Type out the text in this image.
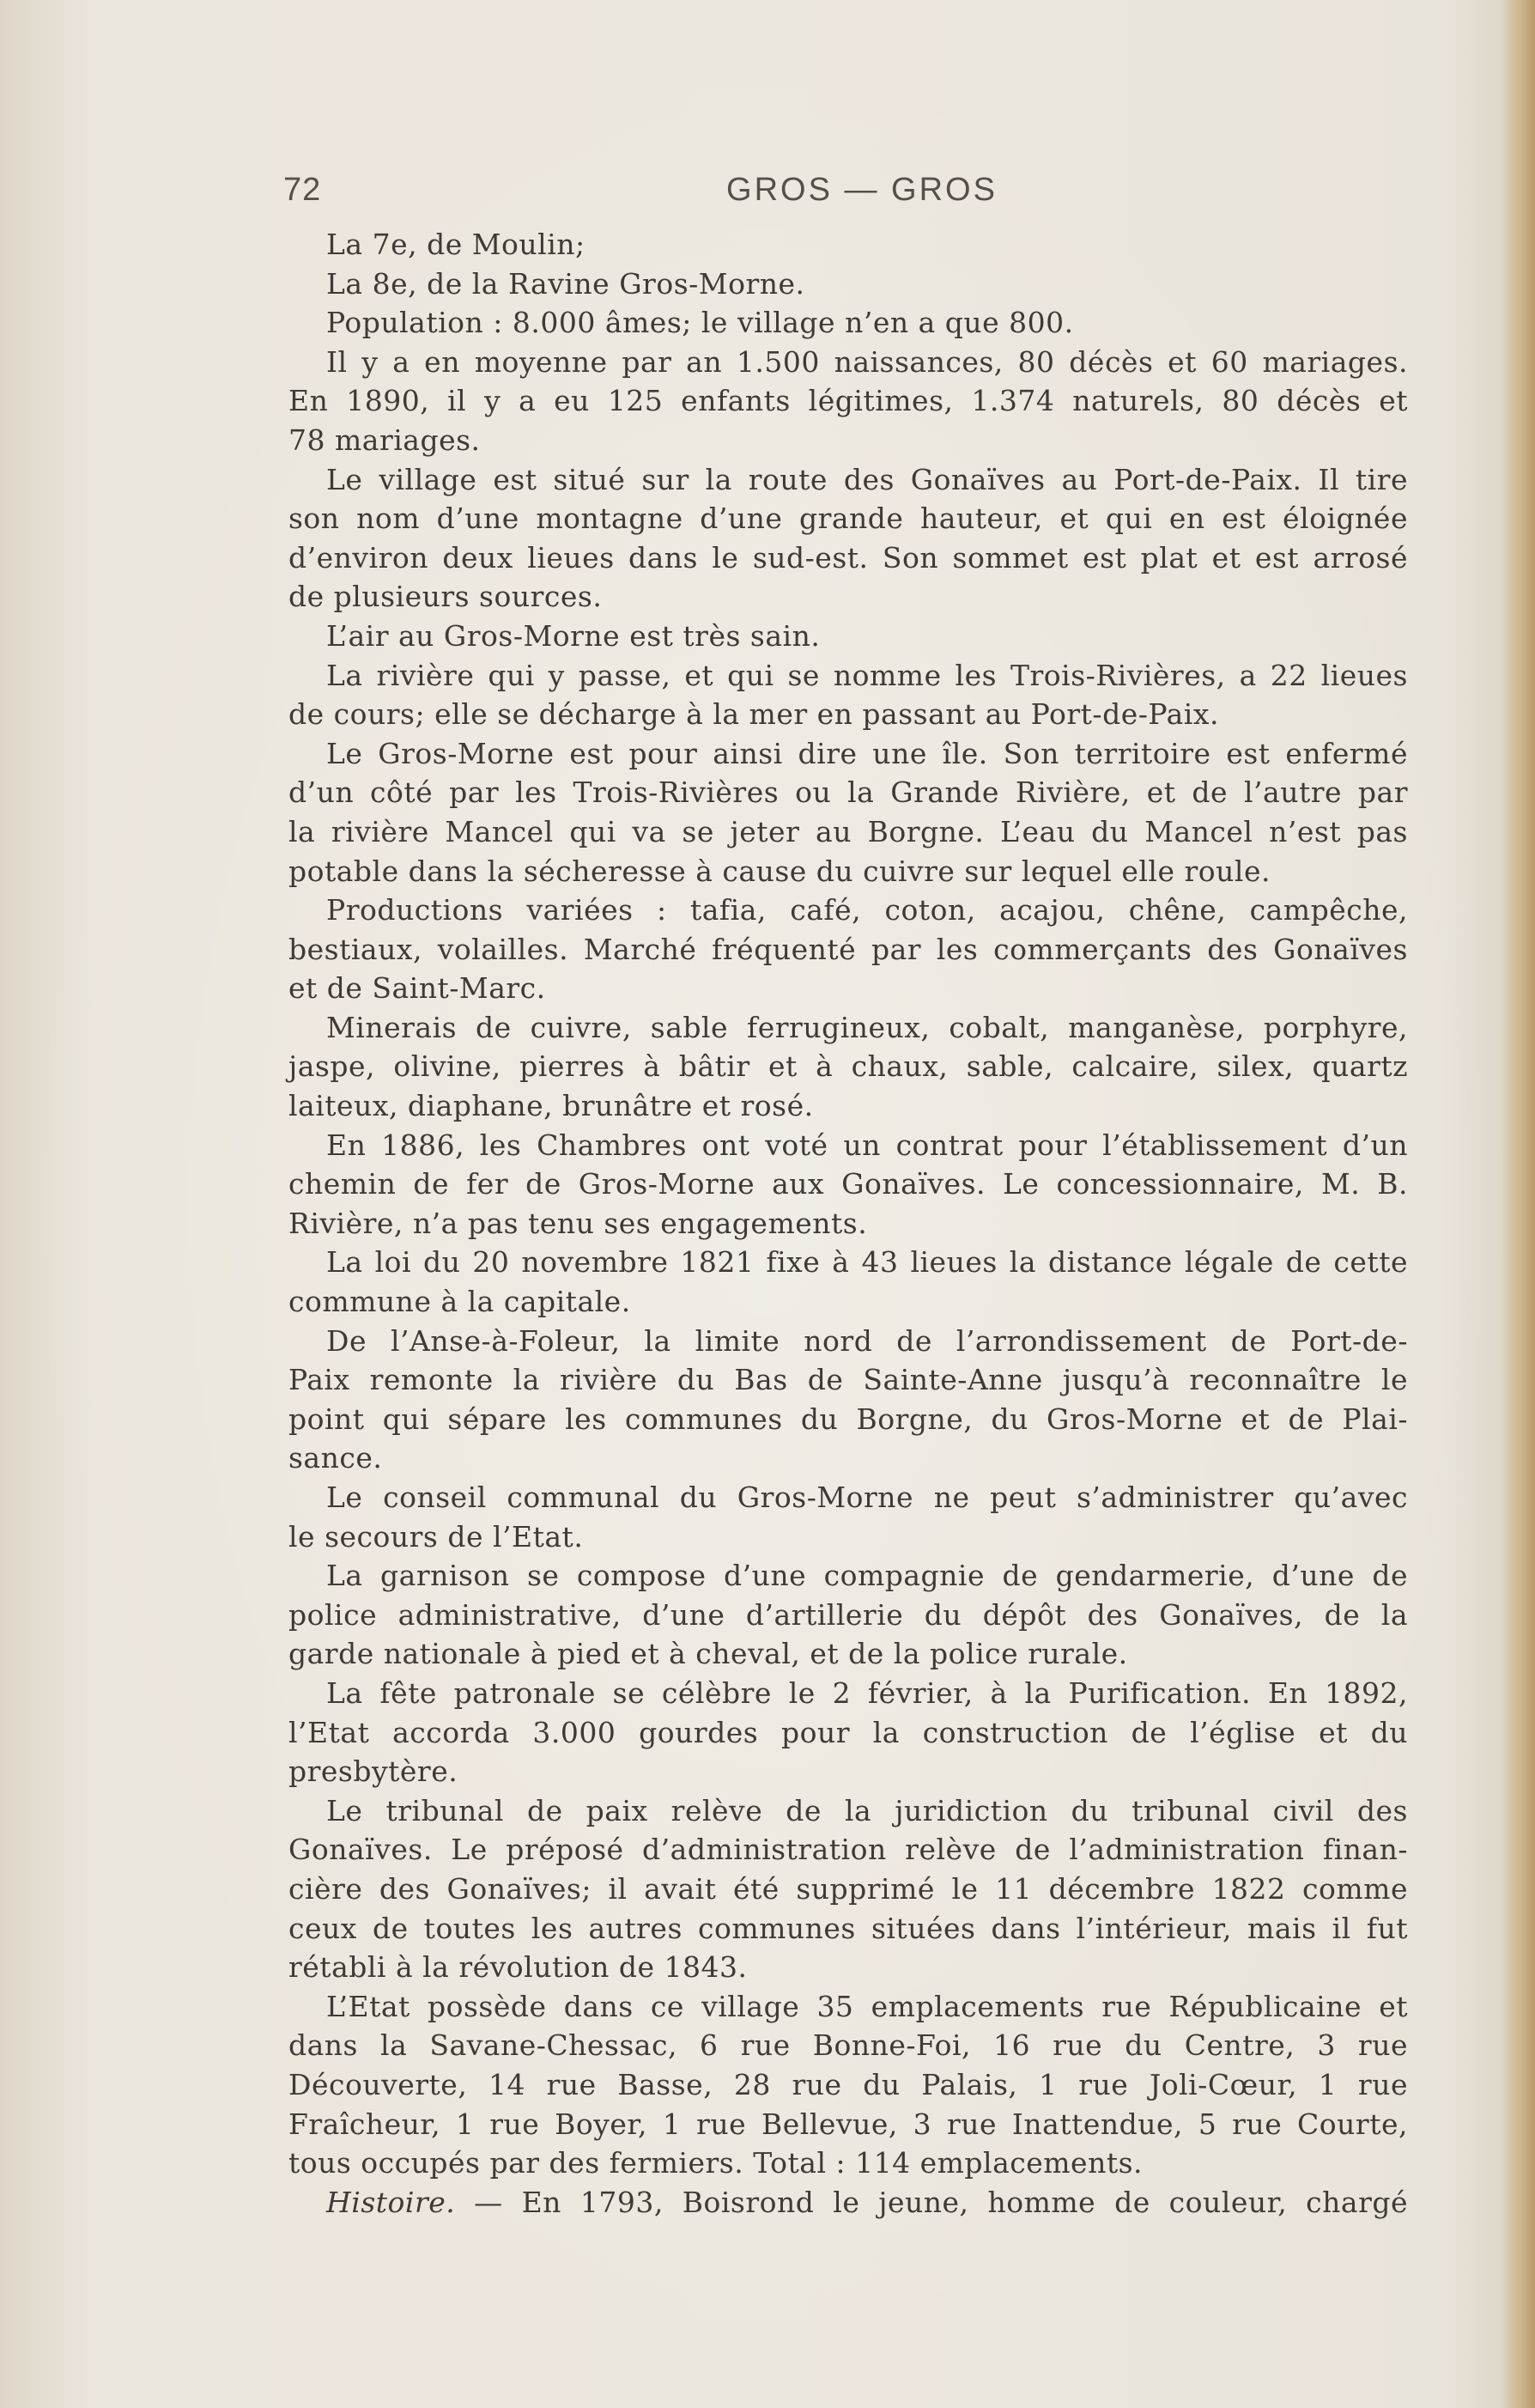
72	GROS — GROS
La 7e, de Moulin;
La 8e, de la Ravine Gros-Morne.
Population : 8.000 âmes; le village n’en a que 800.
Il y a en moyenne par an 1.500 naissances, 80 décès et 60 mariages.
En 1890, il y a eu 125 enfants légitimes, 1.374 naturels, 80 décès et
78 mariages.
Le village est situé sur la route des Gonaïves au Port-de-Paix. Il tire
son nom d’une montagne d’une grande hauteur, et qui en est éloignée
d’environ deux lieues dans le sud-est. Son sommet est plat et est arrosé
de plusieurs sources.
L’air au Gros-Morne est très sain.
La rivière qui y passe, et qui se nomme les Trois-Rivières, a 22 lieues
de cours; elle se décharge à la mer en passant au Port-de-Paix.
Le Gros-Morne est pour ainsi dire une île. Son territoire est enfermé
d’un côté par les Trois-Rivières ou la Grande Rivière, et de l’autre par
la rivière Mancel qui va se jeter au Borgne. L’eau du Mancel n’est pas
potable dans la sécheresse à cause du cuivre sur lequel elle roule.
Productions variées : tafia, café, coton, acajou, chêne, campêche,
bestiaux, volailles. Marché fréquenté par les commerçants des Gonaïves
et de Saint-Marc.
Minerais de cuivre, sable ferrugineux, cobalt, manganèse, porphyre,
jaspe, olivine, pierres à bâtir et à chaux, sable, calcaire, silex, quartz
laiteux, diaphane, brunâtre et rosé.
En 1886, les Chambres ont voté un contrat pour l’établissement d’un
chemin de fer de Gros-Morne aux Gonaïves. Le concessionnaire, M. B.
Rivière, n’a pas tenu ses engagements.
La loi du 20 novembre 1821 fixe à 43 lieues la distance légale de cette
commune à la capitale.
De l’Anse-à-Foleur, la limite nord de l’arrondissement de Port-de-
Paix remonte la rivière du Bas de Sainte-Anne jusqu’à reconnaître le
point qui sépare les communes du Borgne, du Gros-Morne et de Plai-
sance.
Le conseil communal du Gros-Morne ne peut s’administrer qu’avec
le secours de l’Etat.
La garnison se compose d’une compagnie de gendarmerie, d’une de
police administrative, d’une d’artillerie du dépôt des Gonaïves, de la
garde nationale à pied et à cheval, et de la police rurale.
La fête patronale se célèbre le 2 février, à la Purification. En 1892,
l’Etat accorda 3.000 gourdes pour la construction de l’église et du
presbytère.
Le tribunal de paix relève de la juridiction du tribunal civil des
Gonaïves. Le préposé d’administration relève de l’administration finan-
cière des Gonaïves; il avait été supprimé le 11 décembre 1822 comme
ceux de toutes les autres communes situées dans l’intérieur, mais il fut
rétabli à la révolution de 1843.
L’Etat possède dans ce village 35 emplacements rue Républicaine et
dans la Savane-Chessac, 6 rue Bonne-Foi, 16 rue du Centre, 3 rue
Découverte, 14 rue Basse, 28 rue du Palais, 1 rue Joli-Cœur, 1 rue
Fraîcheur, 1 rue Boyer, 1 rue Bellevue, 3 rue Inattendue, 5 rue Courte,
tous occupés par des fermiers. Total : 114 emplacements.
Histoire. — En 1793, Boisrond le jeune, homme de couleur, chargé
